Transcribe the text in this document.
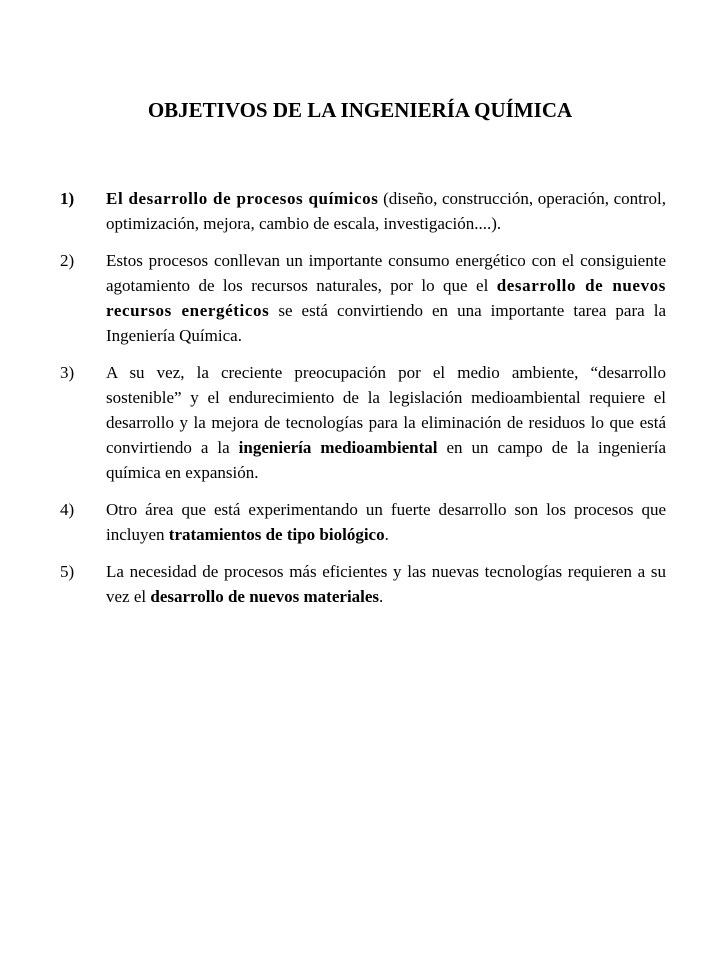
OBJETIVOS DE LA INGENIERÍA QUÍMICA
1) El desarrollo de procesos químicos (diseño, construcción, operación, control, optimización, mejora, cambio de escala, investigación....).
2) Estos procesos conllevan un importante consumo energético con el consiguiente agotamiento de los recursos naturales, por lo que el desarrollo de nuevos recursos energéticos se está convirtiendo en una importante tarea para la Ingeniería Química.
3) A su vez, la creciente preocupación por el medio ambiente, “desarrollo sostenible” y el endurecimiento de la legislación medioambiental requiere el desarrollo y la mejora de tecnologías para la eliminación de residuos lo que está convirtiendo a la ingeniería medioambiental en un campo de la ingeniería química en expansión.
4) Otro área que está experimentando un fuerte desarrollo son los procesos que incluyen tratamientos de tipo biológico.
5) La necesidad de procesos más eficientes y las nuevas tecnologías requieren a su vez el desarrollo de nuevos materiales.
